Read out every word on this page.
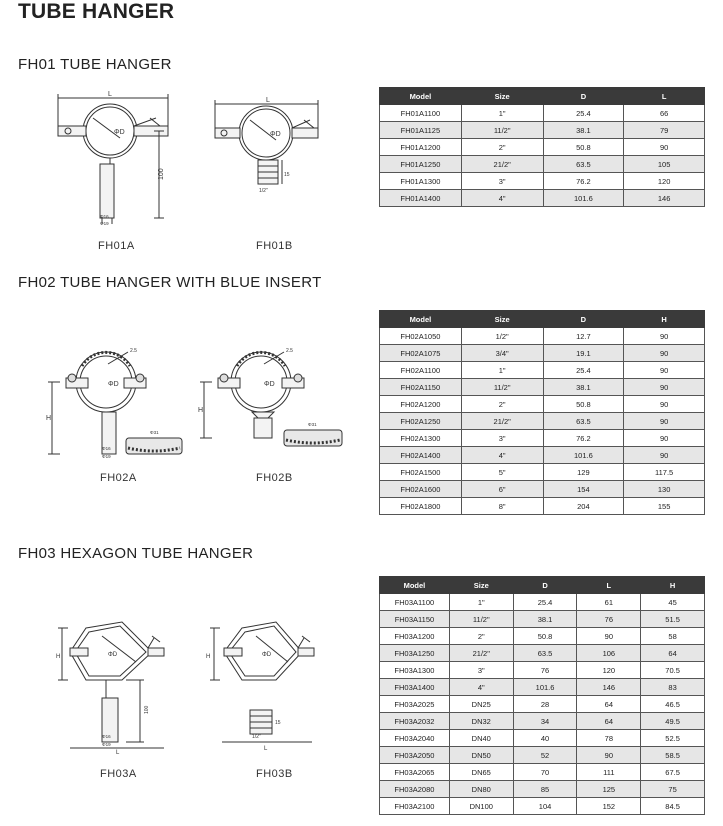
TUBE HANGER
FH01 TUBE HANGER
L
ΦD
100
Φ16
Φ19
FH01A
L
ΦD
15
1/2"
FH01B
Model	Size	D	L
FH01A1100	1"	25.4	66
FH01A1125	11/2"	38.1	79
FH01A1200	2"	50.8	90
FH01A1250	21/2"	63.5	105
FH01A1300	3"	76.2	120
FH01A1400	4"	101.6	146
FH02 TUBE HANGER WITH BLUE INSERT
ΦD
2.5
H
Φ16
Φ19
Φ31
FH02A
ΦD
2.5
H
Φ31
FH02B
Model	Size	D	H
FH02A1050	1/2"	12.7	90
FH02A1075	3/4"	19.1	90
FH02A1100	1"	25.4	90
FH02A1150	11/2"	38.1	90
FH02A1200	2"	50.8	90
FH02A1250	21/2"	63.5	90
FH02A1300	3"	76.2	90
FH02A1400	4"	101.6	90
FH02A1500	5"	129	117.5
FH02A1600	6"	154	130
FH02A1800	8"	204	155
FH03 HEXAGON TUBE HANGER
ΦD
H
100
Φ16
Φ19
L
FH03A
ΦD
H
1/2"
15
L
FH03B
Model	Size	D	L	H
FH03A1100	1"	25.4	61	45
FH03A1150	11/2"	38.1	76	51.5
FH03A1200	2"	50.8	90	58
FH03A1250	21/2"	63.5	106	64
FH03A1300	3"	76	120	70.5
FH03A1400	4"	101.6	146	83
FH03A2025	DN25	28	64	46.5
FH03A2032	DN32	34	64	49.5
FH03A2040	DN40	40	78	52.5
FH03A2050	DN50	52	90	58.5
FH03A2065	DN65	70	111	67.5
FH03A2080	DN80	85	125	75
FH03A2100	DN100	104	152	84.5
